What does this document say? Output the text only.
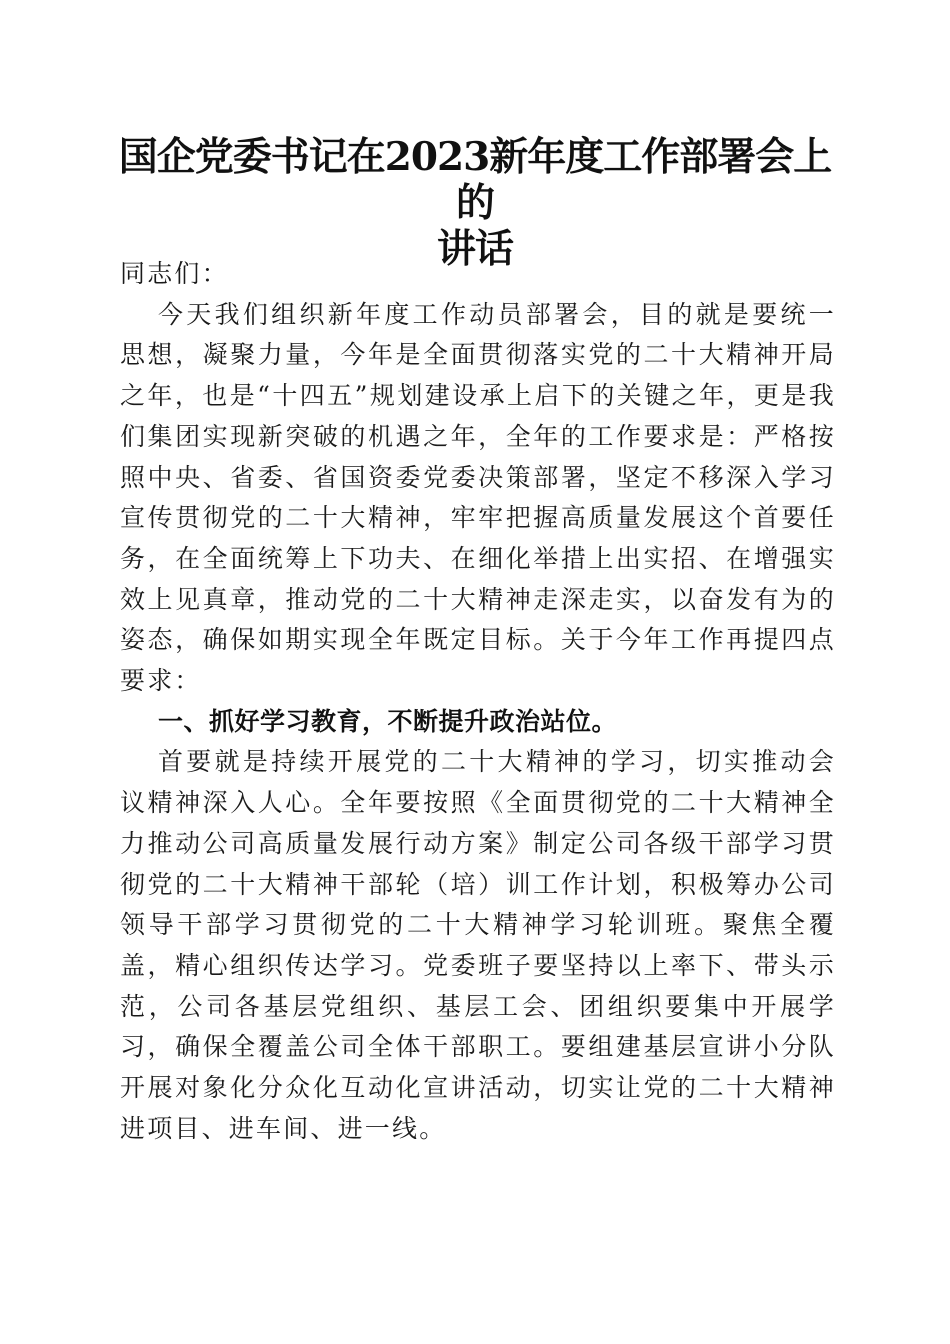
国企党委书记在2023新年度工作部署会上的
讲话

同志们：

今天我们组织新年度工作动员部署会，目的就是要统一思想，凝聚力量，今年是全面贯彻落实党的二十大精神开局之年，也是“十四五”规划建设承上启下的关键之年，更是我们集团实现新突破的机遇之年，全年的工作要求是：严格按照中央、省委、省国资委党委决策部署，坚定不移深入学习宣传贯彻党的二十大精神，牢牢把握高质量发展这个首要任务，在全面统筹上下功夫、在细化举措上出实招、在增强实效上见真章，推动党的二十大精神走深走实，以奋发有为的姿态，确保如期实现全年既定目标。关于今年工作再提四点要求：

一、抓好学习教育，不断提升政治站位。

首要就是持续开展党的二十大精神的学习，切实推动会议精神深入人心。全年要按照《全面贯彻党的二十大精神全力推动公司高质量发展行动方案》制定公司各级干部学习贯彻党的二十大精神干部轮（培）训工作计划，积极筹办公司领导干部学习贯彻党的二十大精神学习轮训班。聚焦全覆盖，精心组织传达学习。党委班子要坚持以上率下、带头示范，公司各基层党组织、基层工会、团组织要集中开展学习，确保全覆盖公司全体干部职工。要组建基层宣讲小分队开展对象化分众化互动化宣讲活动，切实让党的二十大精神进项目、进车间、进一线。
